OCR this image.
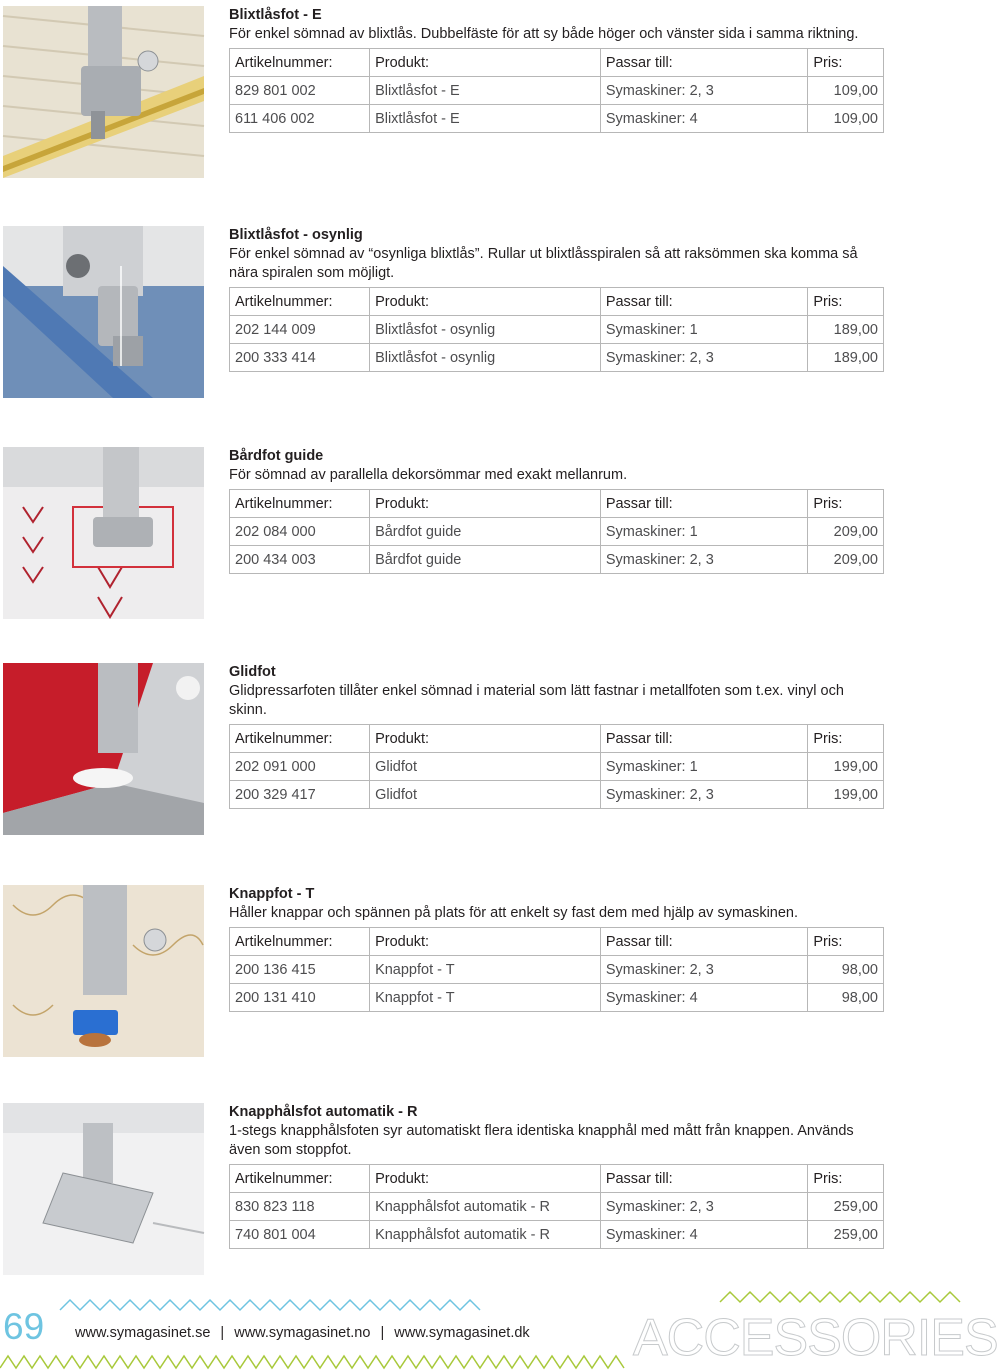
Blixtlåsfot - E

För enkel sömnad av blixtlås. Dubbelfäste för att sy både höger och vänster sida i samma riktning.

Artikelnummer:	Produkt:	Passar till:	Pris:
829 801 002	Blixtlåsfot - E	Symaskiner: 2, 3	109,00
611 406 002	Blixtlåsfot - E	Symaskiner: 4	109,00

Blixtlåsfot - osynlig

För enkel sömnad av “osynliga blixtlås”. Rullar ut blixtlåsspiralen så att raksömmen ska komma så nära spiralen som möjligt.

Artikelnummer:	Produkt:	Passar till:	Pris:
202 144 009	Blixtlåsfot - osynlig	Symaskiner: 1	189,00
200 333 414	Blixtlåsfot - osynlig	Symaskiner: 2, 3	189,00

Bårdfot guide

För sömnad av parallella dekorsömmar med exakt mellanrum.

Artikelnummer:	Produkt:	Passar till:	Pris:
202 084 000	Bårdfot guide	Symaskiner: 1	209,00
200 434 003	Bårdfot guide	Symaskiner: 2, 3	209,00

Glidfot

Glidpressarfoten tillåter enkel sömnad i material som lätt fastnar i metallfoten som t.ex. vinyl och skinn.

Artikelnummer:	Produkt:	Passar till:	Pris:
202 091 000	Glidfot	Symaskiner: 1	199,00
200 329 417	Glidfot	Symaskiner: 2, 3	199,00

Knappfot - T

Håller knappar och spännen på plats för att enkelt sy fast dem med hjälp av symaskinen.

Artikelnummer:	Produkt:	Passar till:	Pris:
200 136 415	Knappfot - T	Symaskiner: 2, 3	98,00
200 131 410	Knappfot - T	Symaskiner: 4	98,00

Knapphålsfot automatik - R

1-stegs knapphålsfoten syr automatiskt flera identiska knapphål med mått från knappen. Används även som stoppfot.

Artikelnummer:	Produkt:	Passar till:	Pris:
830 823 118	Knapphålsfot automatik - R	Symaskiner: 2, 3	259,00
740 801 004	Knapphålsfot automatik - R	Symaskiner: 4	259,00
69 www.symagasinet.se | www.symagasinet.no | www.symagasinet.dk ACCESSORIES
